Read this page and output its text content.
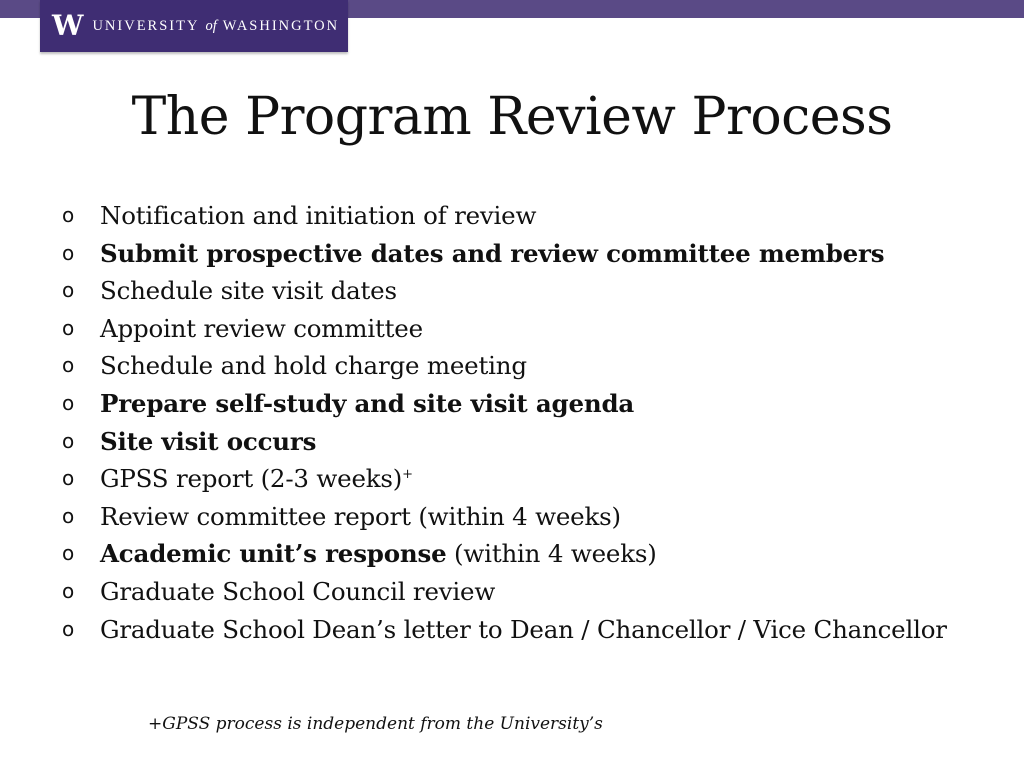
W UNIVERSITY of WASHINGTON
The Program Review Process
o Notification and initiation of review
o Submit prospective dates and review committee members
o Schedule site visit dates
o Appoint review committee
o Schedule and hold charge meeting
o Prepare self-study and site visit agenda
o Site visit occurs
o GPSS report (2-3 weeks)+
o Review committee report (within 4 weeks)
o Academic unit’s response (within 4 weeks)
o Graduate School Council review
o Graduate School Dean’s letter to Dean / Chancellor / Vice Chancellor
+GPSS process is independent from the University’s
